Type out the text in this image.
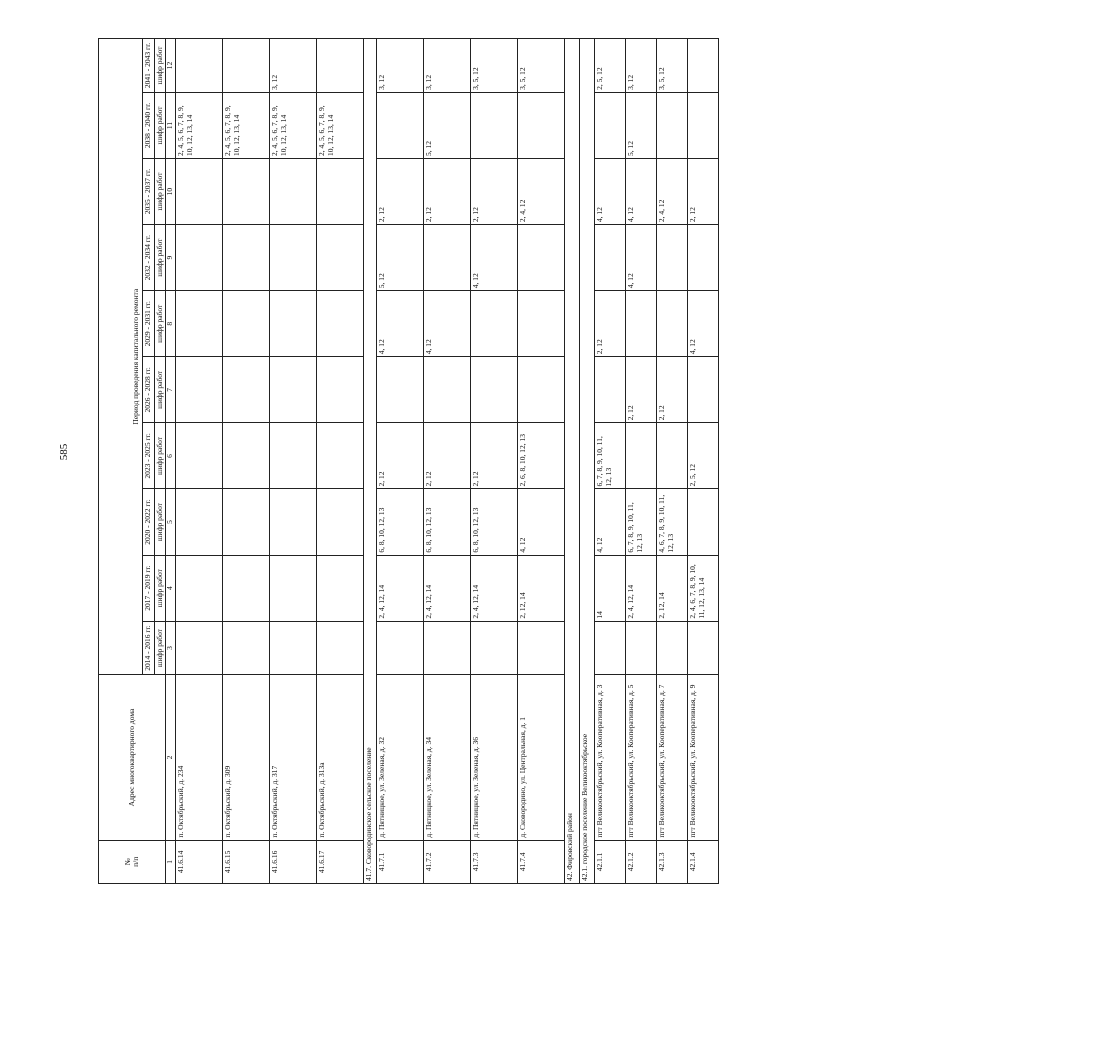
585
№
п/п	Адрес многоквартирного дома	Период проведения капитального ремонта									
		2014 - 2016 гг.	2017 - 2019 гг.	2020 - 2022 гг.	2023 - 2025 гг.	2026 - 2028 гг.	2029 - 2031 гг.	2032 - 2034 гг.	2035 - 2037 гг.	2038 - 2040 гг.	2041 - 2043 гг.
		шифр работ	шифр работ	шифр работ	шифр работ	шифр работ	шифр работ	шифр работ	шифр работ	шифр работ	шифр работ
1	2	3	4	5	6	7	8	9	10	11	12
41.6.14	п. Октябрьский, д. 234									2, 4, 5, 6, 7, 8, 9, 10, 12, 13, 14	
41.6.15	п. Октябрьский, д. 309									2, 4, 5, 6, 7, 8, 9, 10, 12, 13, 14	
41.6.16	п. Октябрьский, д. 317									2, 4, 5, 6, 7, 8, 9, 10, 12, 13, 14	3, 12
41.6.17	п. Октябрьский, д. 313а									2, 4, 5, 6, 7, 8, 9, 10, 12, 13, 14	
41.7. Сковородинское сельское поселение											
41.7.1	д. Пятницкое, ул. Зеленая, д. 32		2, 4, 12, 14	6, 8, 10, 12, 13	2, 12		4, 12	5, 12	2, 12		3, 12
41.7.2	д. Пятницкое, ул. Зеленая, д. 34		2, 4, 12, 14	6, 8, 10, 12, 13	2, 12		4, 12		2, 12	5, 12	3, 12
41.7.3	д. Пятницкое, ул. Зеленая, д. 36		2, 4, 12, 14	6, 8, 10, 12, 13	2, 12			4, 12	2, 12		3, 5, 12
41.7.4	д. Сковородино, ул. Центральная, д. 1		2, 12, 14	4, 12	2, 6, 8, 10, 12, 13				2, 4, 12		3, 5, 12
42. Фировский район											
42.1. городское поселение Великооктябрьское											
42.1.1	пгт Великооктябрьский, ул. Кооперативная, д. 3		14	4, 12	6, 7, 8, 9, 10, 11, 12, 13		2, 12		4, 12		2, 5, 12
42.1.2	пгт Великооктябрьский, ул. Кооперативная, д. 5		2, 4, 12, 14	6, 7, 8, 9, 10, 11, 12, 13		2, 12		4, 12	4, 12	5, 12	3, 12
42.1.3	пгт Великооктябрьский, ул. Кооперативная, д. 7		2, 12, 14	4, 6, 7, 8, 9, 10, 11, 12, 13		2, 12			2, 4, 12		3, 5, 12
42.1.4	пгт Великооктябрьский, ул. Кооперативная, д. 9		2, 4, 6, 7, 8, 9, 10, 11, 12, 13, 14		2, 5, 12		4, 12		2, 12		
